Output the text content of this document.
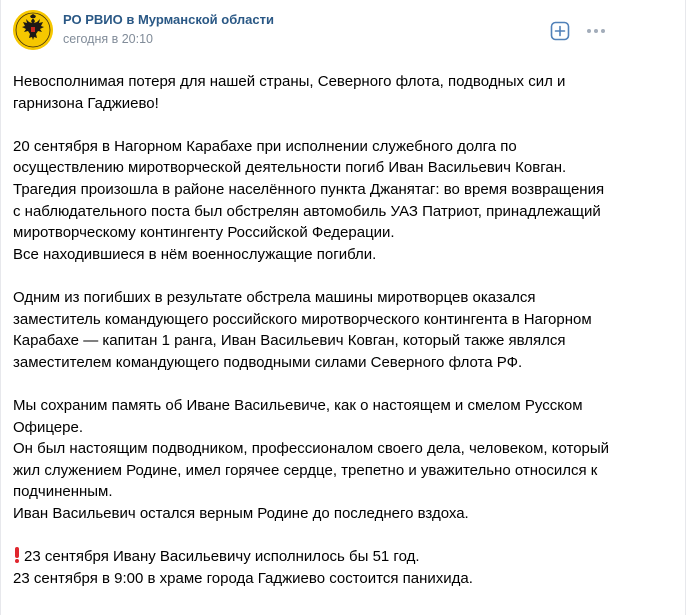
РО РВИО в Мурманской области
сегодня в 20:10
Невосполнимая потеря для нашей страны, Северного флота, подводных сил и
гарнизона Гаджиево!
20 сентября в Нагорном Карабахе при исполнении служебного долга по
осуществлению миротворческой деятельности погиб Иван Васильевич Ковган.
Трагедия произошла в районе населённого пункта Джанятаг: во время возвращения
с наблюдательного поста был обстрелян автомобиль УАЗ Патриот, принадлежащий
миротворческому контингенту Российской Федерации.
Все находившиеся в нём военнослужащие погибли.
Одним из погибших в результате обстрела машины миротворцев оказался
заместитель командующего российского миротворческого контингента в Нагорном
Карабахе — капитан 1 ранга, Иван Васильевич Ковган, который также являлся
заместителем командующего подводными силами Северного флота РФ.
Мы сохраним память об Иване Васильевиче, как о настоящем и смелом Русском
Офицере.
Он был настоящим подводником, профессионалом своего дела, человеком, который
жил служением Родине, имел горячее сердце, трепетно и уважительно относился к
подчиненным.
Иван Васильевич остался верным Родине до последнего вздоха.
23 сентября Ивану Васильевичу исполнилось бы 51 год.
23 сентября в 9:00 в храме города Гаджиево состоится панихида.
